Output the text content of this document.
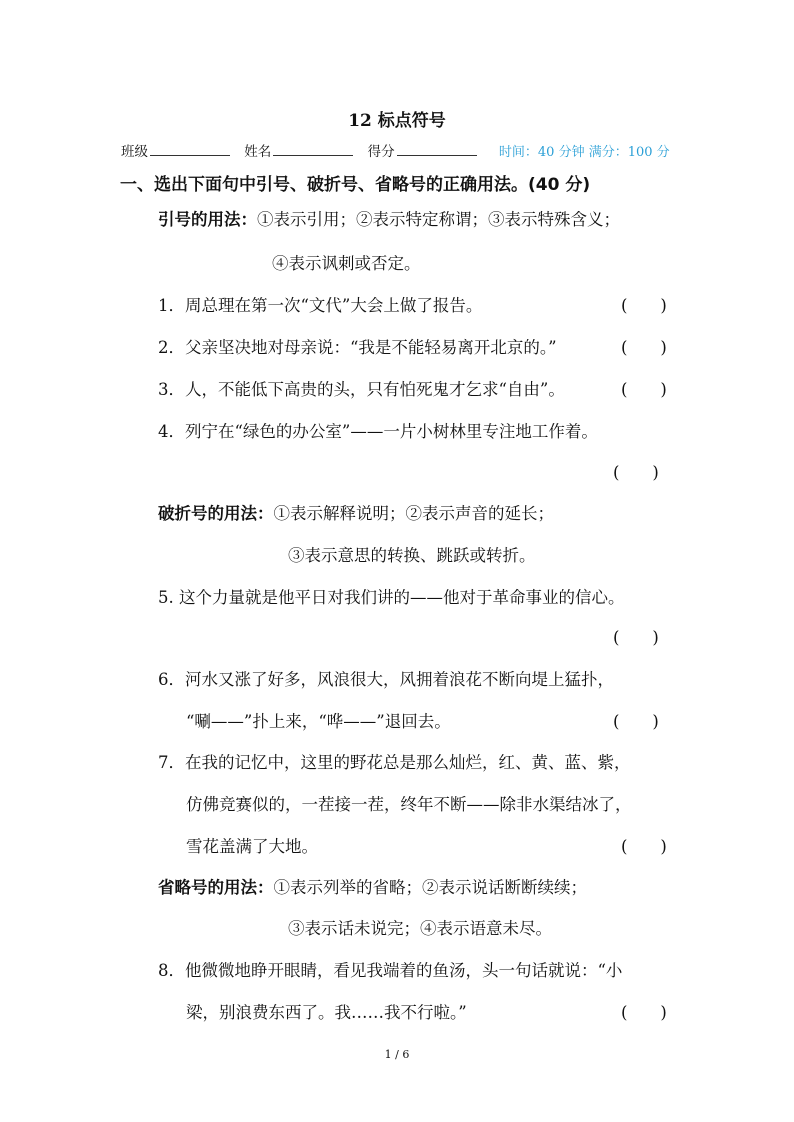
12 标点符号
班级	姓名	得分	时间：40 分钟 满分：100 分
一、选出下面句中引号、破折号、省略号的正确用法。(40 分)
引号的用法：①表示引用；②表示特定称谓；③表示特殊含义；
④表示讽刺或否定。
1．周总理在第一次“文代”大会上做了报告。	(　　)
2．父亲坚决地对母亲说：“我是不能轻易离开北京的。”	(　　)
3．人，不能低下高贵的头，只有怕死鬼才乞求“自由”。	(　　)
4．列宁在“绿色的办公室”——一片小树林里专注地工作着。
(　　)
破折号的用法：①表示解释说明；②表示声音的延长；
③表示意思的转换、跳跃或转折。
5. 这个力量就是他平日对我们讲的——他对于革命事业的信心。
(　　)
6．河水又涨了好多，风浪很大，风拥着浪花不断向堤上猛扑，
“唰——”扑上来，“哗——”退回去。	(　　)
7．在我的记忆中，这里的野花总是那么灿烂，红、黄、蓝、紫，
仿佛竞赛似的，一茬接一茬，终年不断——除非水渠结冰了，
雪花盖满了大地。	(　　)
省略号的用法：①表示列举的省略；②表示说话断断续续；
③表示话未说完；④表示语意未尽。
8．他微微地睁开眼睛，看见我端着的鱼汤，头一句话就说：“小
梁，别浪费东西了。我……我不行啦。”	(　　)
1 / 6
